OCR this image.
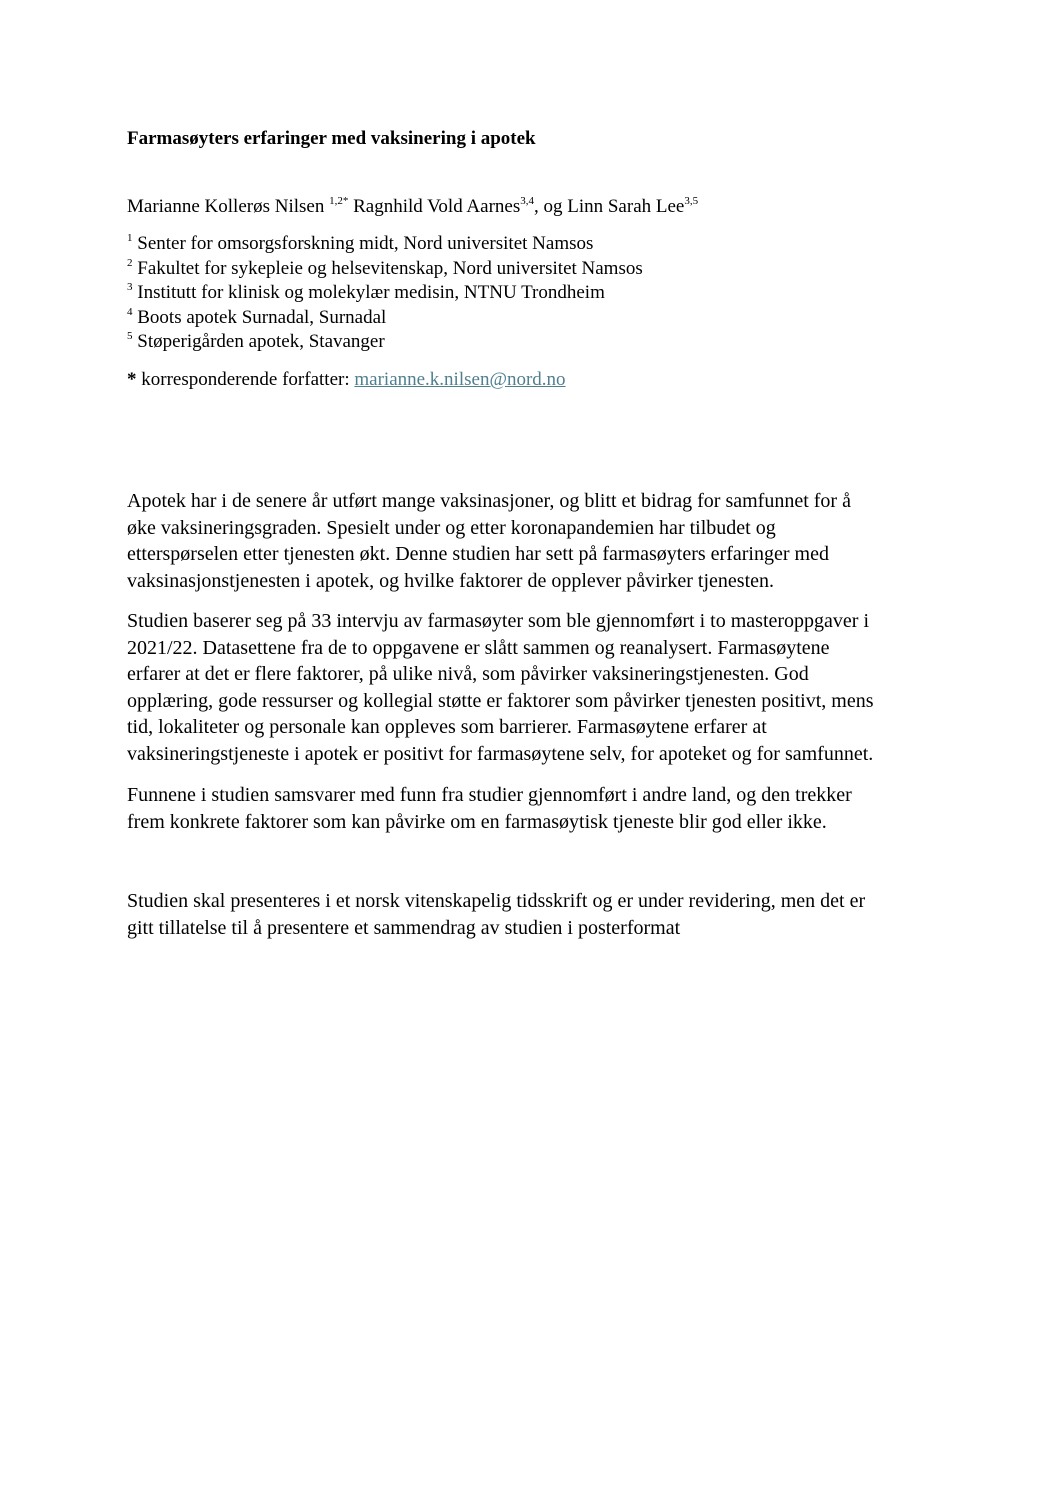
Farmasøyters erfaringer med vaksinering i apotek
Marianne Kollerøs Nilsen $^{1,2*}$ Ragnhild Vold Aarnes$^{3,4}$, og Linn Sarah Lee$^{3,5}$
$^1$ Senter for omsorgsforskning midt, Nord universitet Namsos
$^2$ Fakultet for sykepleie og helsevitenskap, Nord universitet Namsos
$^3$ Institutt for klinisk og molekylær medisin, NTNU Trondheim
$^4$ Boots apotek Surnadal, Surnadal
$^5$ Støperigården apotek, Stavanger
* korresponderende forfatter: marianne.k.nilsen@nord.no

Apotek har i de senere år utført mange vaksinasjoner, og blitt et bidrag for samfunnet for å
øke vaksineringsgraden. Spesielt under og etter koronapandemien har tilbudet og
etterspørselen etter tjenesten økt. Denne studien har sett på farmasøyters erfaringer med
vaksinasjonstjenesten i apotek, og hvilke faktorer de opplever påvirker tjenesten.

Studien baserer seg på 33 intervju av farmasøyter som ble gjennomført i to masteroppgaver i
2021/22. Datasettene fra de to oppgavene er slått sammen og reanalysert. Farmasøytene
erfarer at det er flere faktorer, på ulike nivå, som påvirker vaksineringstjenesten. God
opplæring, gode ressurser og kollegial støtte er faktorer som påvirker tjenesten positivt, mens
tid, lokaliteter og personale kan oppleves som barrierer. Farmasøytene erfarer at
vaksineringstjeneste i apotek er positivt for farmasøytene selv, for apoteket og for samfunnet.

Funnene i studien samsvarer med funn fra studier gjennomført i andre land, og den trekker
frem konkrete faktorer som kan påvirke om en farmasøytisk tjeneste blir god eller ikke.

Studien skal presenteres i et norsk vitenskapelig tidsskrift og er under revidering, men det er
gitt tillatelse til å presentere et sammendrag av studien i posterformat
